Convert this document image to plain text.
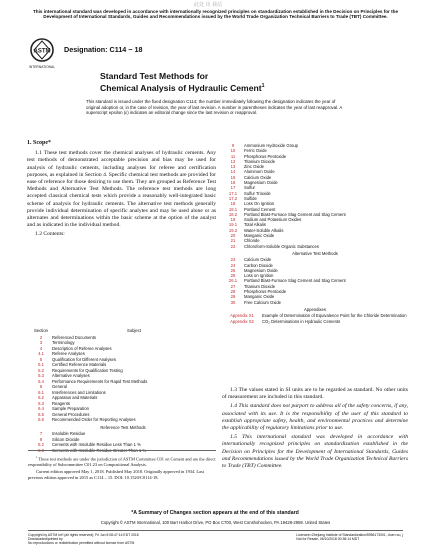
此处 出 我站
This international standard was developed in accordance with internationally recognized principles on standardization established in the Decision on Principles for the Development of International Standards, Guides and Recommendations issued by the World Trade Organization Technical Barriers to Trade (TBT) Committee.
ASTM
INTERNATIONAL
Designation: C114 − 18
Standard Test Methods for
Chemical Analysis of Hydraulic Cement$^1$
This standard is issued under the fixed designation C114; the number immediately following the designation indicates the year of original adoption or, in the case of revision, the year of last revision. A number in parentheses indicates the year of last reapproval. A superscript epsilon (ε) indicates an editorial change since the last revision or reapproval.

1. Scope*

1.1 These test methods cover the chemical analyses of hydraulic cements. Any test methods of demonstrated acceptable precision and bias may be used for analysis of hydraulic cements, including analyses for referee and certification purposes, as explained in Section 4. Specific chemical test methods are provided for ease of reference for those desiring to use them. They are grouped as Reference Test Methods and Alternative Test Methods. The reference test methods are long accepted classical chemical tests which provide a reasonably well-integrated basic scheme of analysis for hydraulic cements. The alternative test methods generally provide individual determination of specific analytes and may be used alone or as alternates and determinations within the basic scheme at the option of the analyst and as indicated in the individual method.

1.2 Contents:

Section	Subject
2	Referenced Documents
3	Terminology
4	Description of Referee Analyses
4.1	Referee Analyses
5	Qualification for Different Analyses
5.1	Certified Reference Materials
5.2	Requirements for Qualification Testing
5.3	Alternative Analyses
5.4	Performance Requirements for Rapid Test Methods
6	General
6.1	Interferences and Limitations
6.2	Apparatus and Materials
6.3	Reagents
6.4	Sample Preparation
6.5	General Procedures
6.6	Recommended Order for Reporting Analyses
Reference Test Methods
7	Insoluble Residue
8	Silicon Dioxide
8.2	Cements with Insoluble Residue Less Than 1 %
8.3	Cements with Insoluble Residue Greater Than 1 %

$^1$ These test methods are under the jurisdiction of ASTM Committee C01 on Cement and are the direct responsibility of Subcommittee C01.23 on Compositional Analysis.

Current edition approved May 1, 2018. Published May 2018. Originally approved in 1934. Last previous edition approved in 2015 as C114 – 15. DOI: 10.1520/C0114-18.

9	Ammonium Hydroxide Group
10	Ferric Oxide
11	Phosphorus Pentoxide
12	Titanium Dioxide
13	Zinc Oxide
14	Aluminum Oxide
15	Calcium Oxide
16	Magnesium Oxide
17	Sulfur
17.1	Sulfur Trioxide
17.2	Sulfide
18	Loss On Ignition
18.1	Portland Cement
18.2	Portland Blast-Furnace Slag Cement and Slag Cement
19	Sodium and Potassium Oxides
19.1	Total Alkalis
19.2	Water-Soluble Alkalis
20	Manganic Oxide
21	Chloride
22	Chloroform-Soluble Organic Substances
Alternative Test Methods
23	Calcium Oxide
24	Carbon Dioxide
25	Magnesium Oxide
26	Loss on Ignition
26.1	Portland Blast-Furnace Slag Cement and Slag Cement
27	Titanium Dioxide
28	Phosphorus Pentoxide
29	Manganic Oxide
30	Free Calcium Oxide
Appendixes
Appendix X1	Example of Determination of Equivalence Point for the Chloride Determination
Appendix X2	CO₂ Determinations in Hydraulic Cements

1.3 The values stated in SI units are to be regarded as standard. No other units of measurement are included in this standard.

1.4 This standard does not purport to address all of the safety concerns, if any, associated with its use. It is the responsibility of the user of this standard to establish appropriate safety, health, and environmental practices and determine the applicability of regulatory limitations prior to use.

1.5 This international standard was developed in accordance with internationally recognized principles on standardization established in the Decision on Principles for the Development of International Standards, Guides and Recommendations issued by the World Trade Organization Technical Barriers to Trade (TBT) Committee.

*A Summary of Changes section appears at the end of this standard
Copyright © ASTM International, 100 Barr Harbor Drive, PO Box C700, West Conshohocken, PA 19428-2959. United States
Copyright by ASTM Int'l (all rights reserved); Fri Jun 8 08:47:14 EDT 2018
Downloaded/printed by
No reproductions or redistribution permitted without license from ASTM
Licensee=Zhejiang Institute of Standardization/5956173001, User=xu, j
Not for Resale, 06/10/2018 00:38:14 MDT
